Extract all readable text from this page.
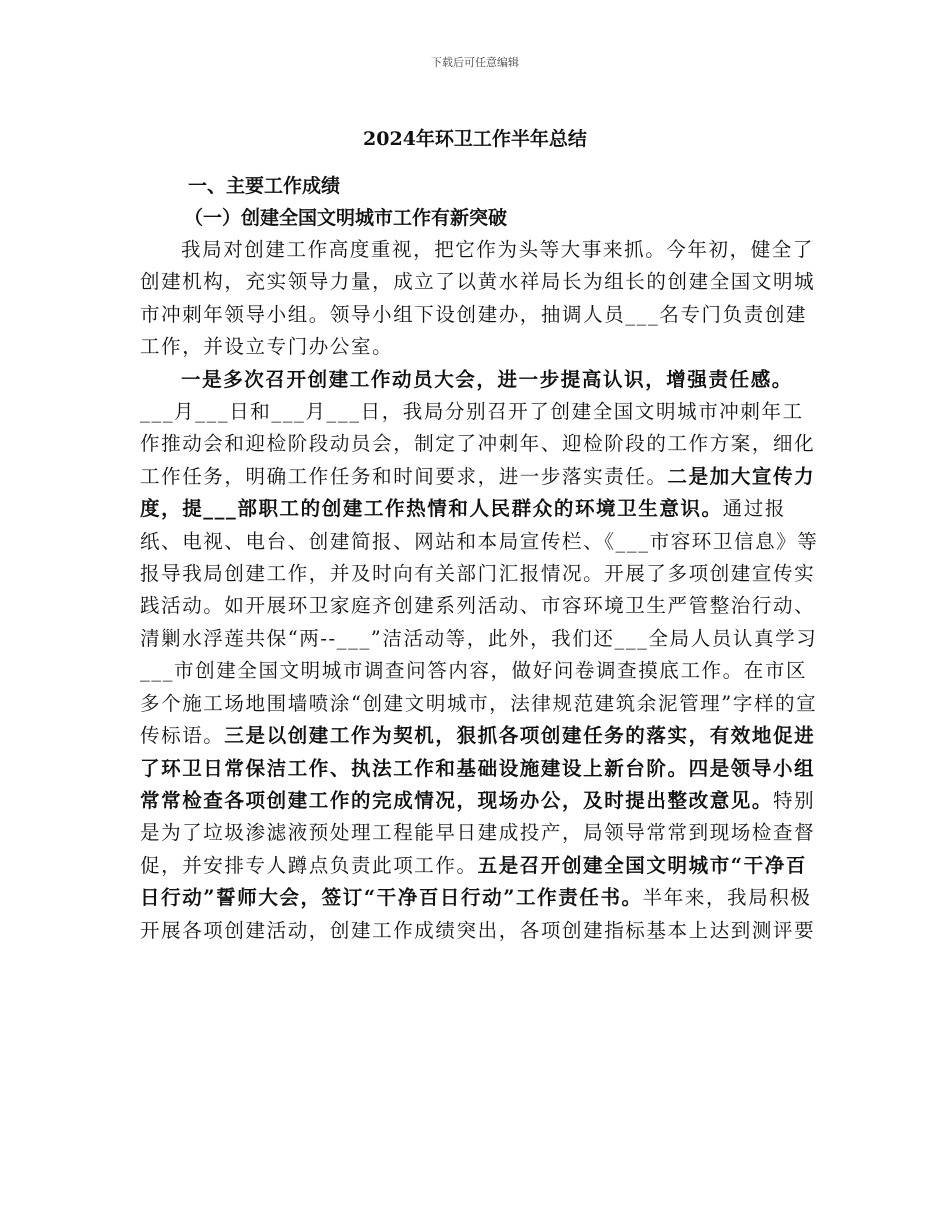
下载后可任意编辑
2024年环卫工作半年总结

一、主要工作成绩

（一）创建全国文明城市工作有新突破

我局对创建工作高度重视，把它作为头等大事来抓。今年初，健全了创建机构，充实领导力量，成立了以黄水祥局长为组长的创建全国文明城市冲刺年领导小组。领导小组下设创建办，抽调人员___名专门负责创建工作，并设立专门办公室。

一是多次召开创建工作动员大会，进一步提高认识，增强责任感。___月___日和___月___日，我局分别召开了创建全国文明城市冲刺年工作推动会和迎检阶段动员会，制定了冲刺年、迎检阶段的工作方案，细化工作任务，明确工作任务和时间要求，进一步落实责任。二是加大宣传力度，提___部职工的创建工作热情和人民群众的环境卫生意识。通过报纸、电视、电台、创建简报、网站和本局宣传栏、《___市容环卫信息》等报导我局创建工作，并及时向有关部门汇报情况。开展了多项创建宣传实践活动。如开展环卫家庭齐创建系列活动、市容环境卫生严管整治行动、清剿水浮莲共保“两--___”洁活动等，此外，我们还___全局人员认真学习___市创建全国文明城市调查问答内容，做好问卷调查摸底工作。在市区多个施工场地围墙喷涂“创建文明城市，法律规范建筑余泥管理”字样的宣传标语。三是以创建工作为契机，狠抓各项创建任务的落实，有效地促进了环卫日常保洁工作、执法工作和基础设施建设上新台阶。四是领导小组常常检查各项创建工作的完成情况，现场办公，及时提出整改意见。特别是为了垃圾渗滤液预处理工程能早日建成投产，局领导常常到现场检查督促，并安排专人蹲点负责此项工作。五是召开创建全国文明城市“干净百日行动”誓师大会，签订“干净百日行动”工作责任书。半年来，我局积极开展各项创建活动，创建工作成绩突出，各项创建指标基本上达到测评要
